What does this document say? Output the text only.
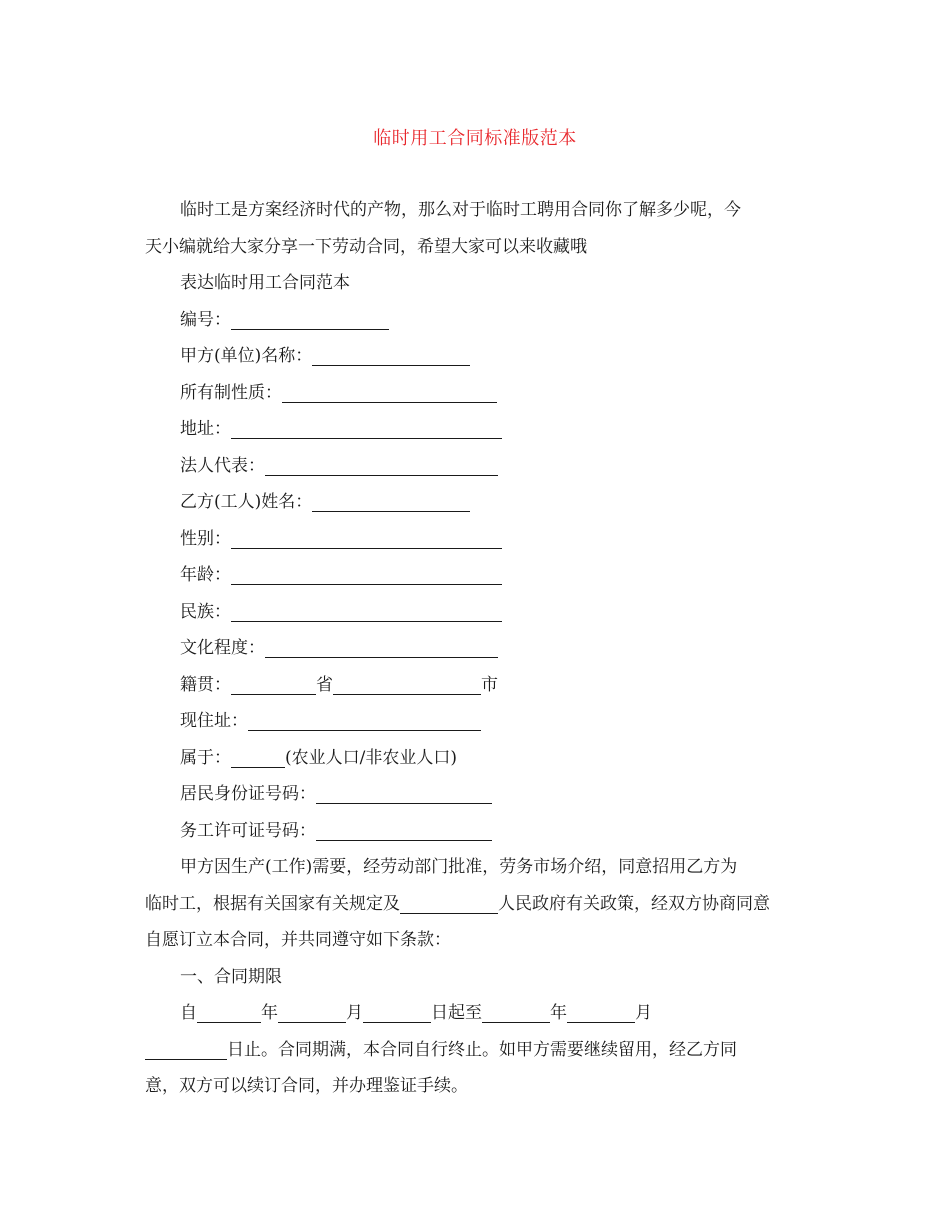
临时用工合同标准版范本

临时工是方案经济时代的产物，那么对于临时工聘用合同你了解多少呢，今

天小编就给大家分享一下劳动合同，希望大家可以来收藏哦

表达临时用工合同范本

编号：

甲方(单位)名称：

所有制性质：

地址：

法人代表：

乙方(工人)姓名：

性别：

年龄：

民族：

文化程度：

籍贯：	省	市

现住址：

属于：	(农业人口/非农业人口)

居民身份证号码：

务工许可证号码：

甲方因生产(工作)需要，经劳动部门批准，劳务市场介绍，同意招用乙方为

临时工，根据有关国家有关规定及	人民政府有关政策，经双方协商同意

自愿订立本合同，并共同遵守如下条款：

一、合同期限

自	年	月	日起至	年	月

日止。合同期满，本合同自行终止。如甲方需要继续留用，经乙方同

意，双方可以续订合同，并办理鉴证手续。
